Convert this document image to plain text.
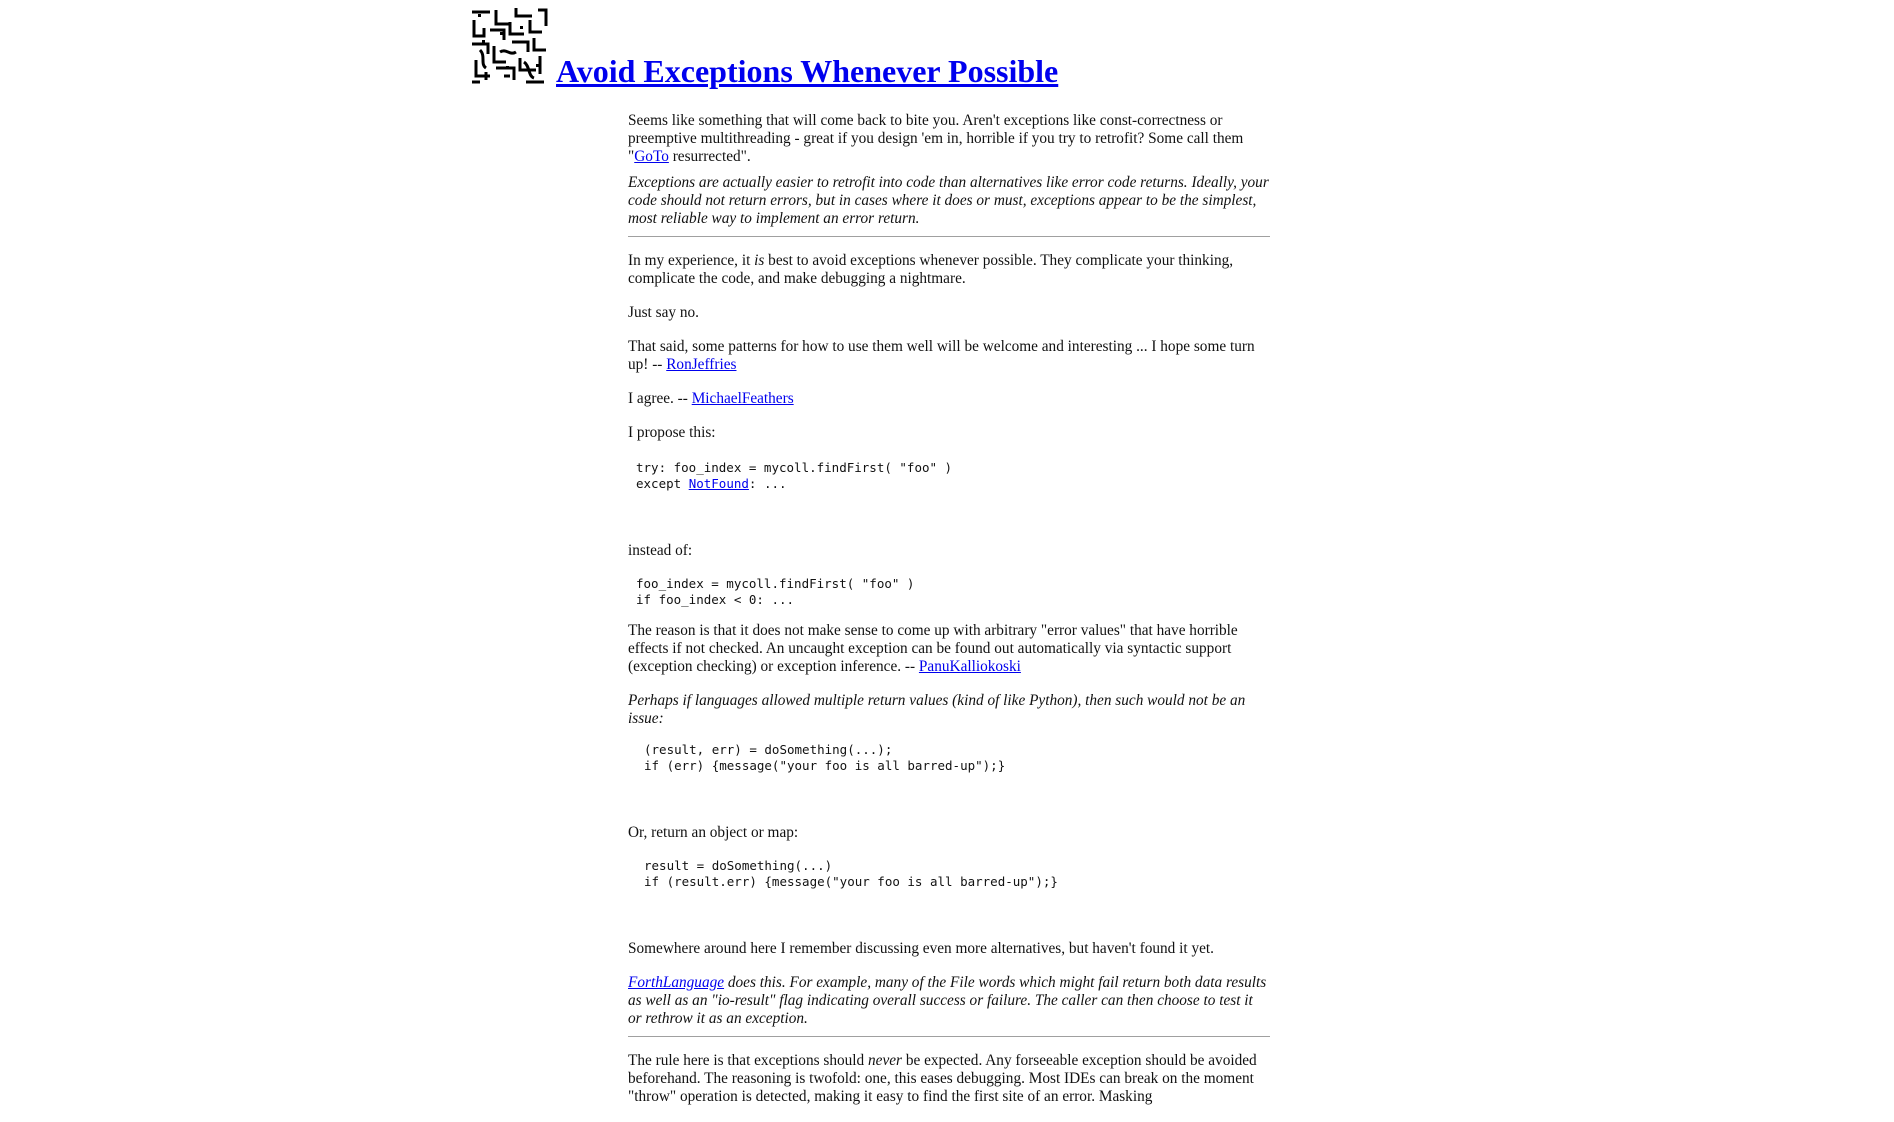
Avoid Exceptions Whenever Possible

Seems like something that will come back to bite you. Aren't exceptions like const-correctness or preemptive multithreading - great if you design 'em in, horrible if you try to retrofit? Some call them "GoTo resurrected".

Exceptions are actually easier to retrofit into code than alternatives like error code returns. Ideally, your code should not return errors, but in cases where it does or must, exceptions appear to be the simplest, most reliable way to implement an error return.

In my experience, it is best to avoid exceptions whenever possible. They complicate your thinking, complicate the code, and make debugging a nightmare.

Just say no.

That said, some patterns for how to use them well will be welcome and interesting ... I hope some turn up! -- RonJeffries

I agree. -- MichaelFeathers

I propose this:

try: foo_index = mycoll.findFirst( "foo" )
except NotFound: ...

instead of:

foo_index = mycoll.findFirst( "foo" )
if foo_index < 0: ...

The reason is that it does not make sense to come up with arbitrary "error values" that have horrible effects if not checked. An uncaught exception can be found out automatically via syntactic support (exception checking) or exception inference. -- PanuKalliokoski

Perhaps if languages allowed multiple return values (kind of like Python), then such would not be an issue:

(result, err) = doSomething(...);
if (err) {message("your foo is all barred-up");}

Or, return an object or map:

result = doSomething(...)
if (result.err) {message("your foo is all barred-up");}

Somewhere around here I remember discussing even more alternatives, but haven't found it yet.

ForthLanguage does this. For example, many of the File words which might fail return both data results as well as an "io-result" flag indicating overall success or failure. The caller can then choose to test it or rethrow it as an exception.

The rule here is that exceptions should never be expected. Any forseeable exception should be avoided beforehand. The reasoning is twofold: one, this eases debugging. Most IDEs can break on the moment "throw" operation is detected, making it easy to find the first site of an error. Masking
